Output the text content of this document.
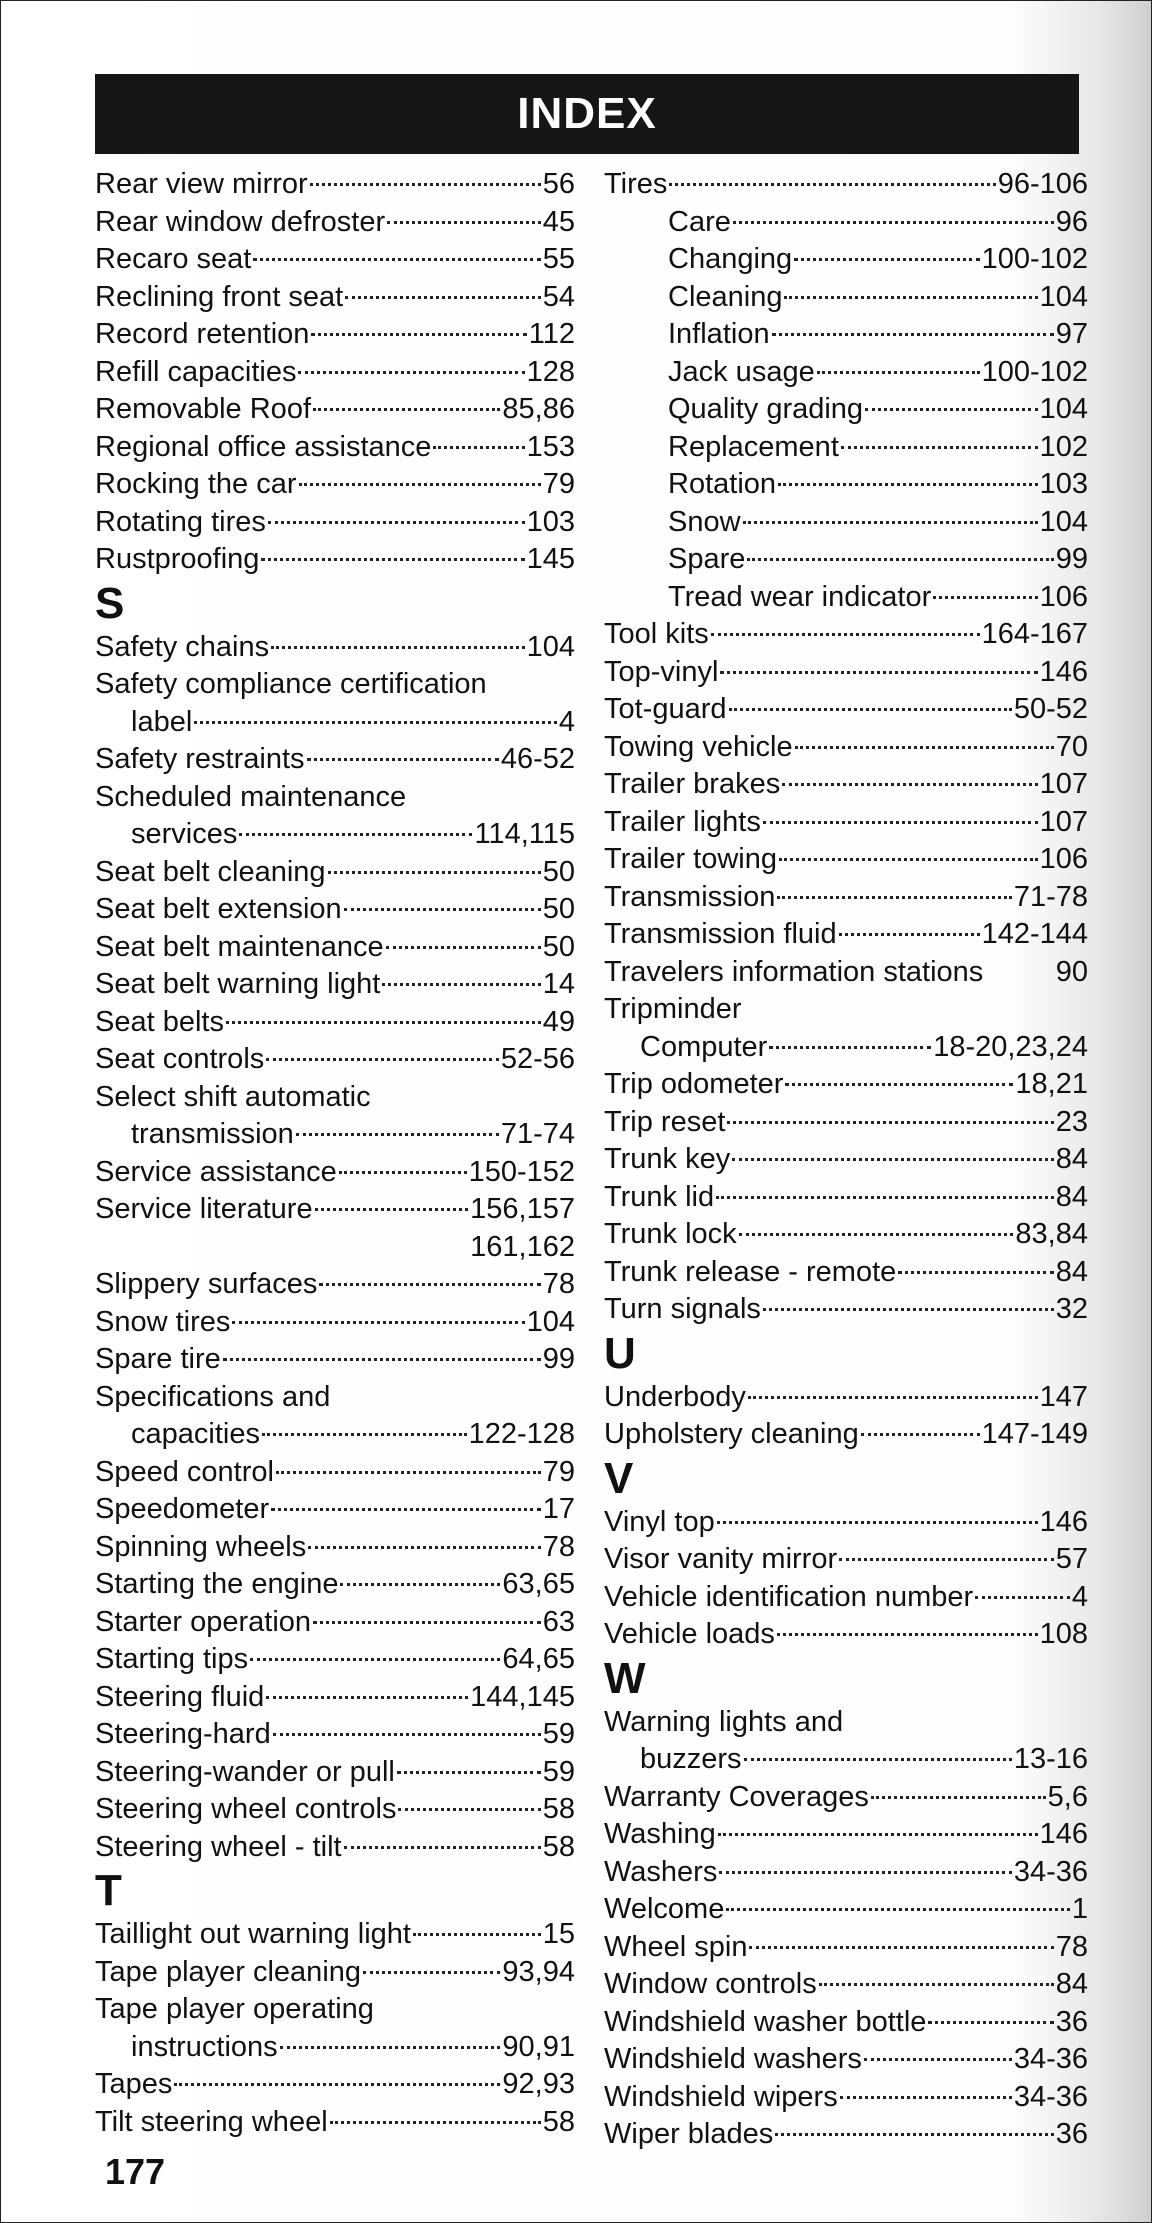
INDEX
Rear view mirror	56
Rear window defroster	45
Recaro seat	55
Reclining front seat	54
Record retention	112
Refill capacities	128
Removable Roof	85,86
Regional office assistance	153
Rocking the car	79
Rotating tires	103
Rustproofing	145
S
Safety chains	104
Safety compliance certification
label	4
Safety restraints	46-52
Scheduled maintenance
services	114,115
Seat belt cleaning	50
Seat belt extension	50
Seat belt maintenance	50
Seat belt warning light	14
Seat belts	49
Seat controls	52-56
Select shift automatic
transmission	71-74
Service assistance	150-152
Service literature	156,157
161,162
Slippery surfaces	78
Snow tires	104
Spare tire	99
Specifications and
capacities	122-128
Speed control	79
Speedometer	17
Spinning wheels	78
Starting the engine	63,65
Starter operation	63
Starting tips	64,65
Steering fluid	144,145
Steering-hard	59
Steering-wander or pull	59
Steering wheel controls	58
Steering wheel - tilt	58
T
Taillight out warning light	15
Tape player cleaning	93,94
Tape player operating
instructions	90,91
Tapes	92,93
Tilt steering wheel	58
Tires	96-106
Care	96
Changing	100-102
Cleaning	104
Inflation	97
Jack usage	100-102
Quality grading	104
Replacement	102
Rotation	103
Snow	104
Spare	99
Tread wear indicator	106
Tool kits	164-167
Top-vinyl	146
Tot-guard	50-52
Towing vehicle	70
Trailer brakes	107
Trailer lights	107
Trailer towing	106
Transmission	71-78
Transmission fluid	142-144
Travelers information stations 90
Tripminder
Computer	18-20,23,24
Trip odometer	18,21
Trip reset	23
Trunk key	84
Trunk lid	84
Trunk lock	83,84
Trunk release - remote	84
Turn signals	32
U
Underbody	147
Upholstery cleaning	147-149
V
Vinyl top	146
Visor vanity mirror	57
Vehicle identification number	4
Vehicle loads	108
W
Warning lights and
buzzers	13-16
Warranty Coverages	5,6
Washing	146
Washers	34-36
Welcome	1
Wheel spin	78
Window controls	84
Windshield washer bottle	36
Windshield washers	34-36
Windshield wipers	34-36
Wiper blades	36
177
